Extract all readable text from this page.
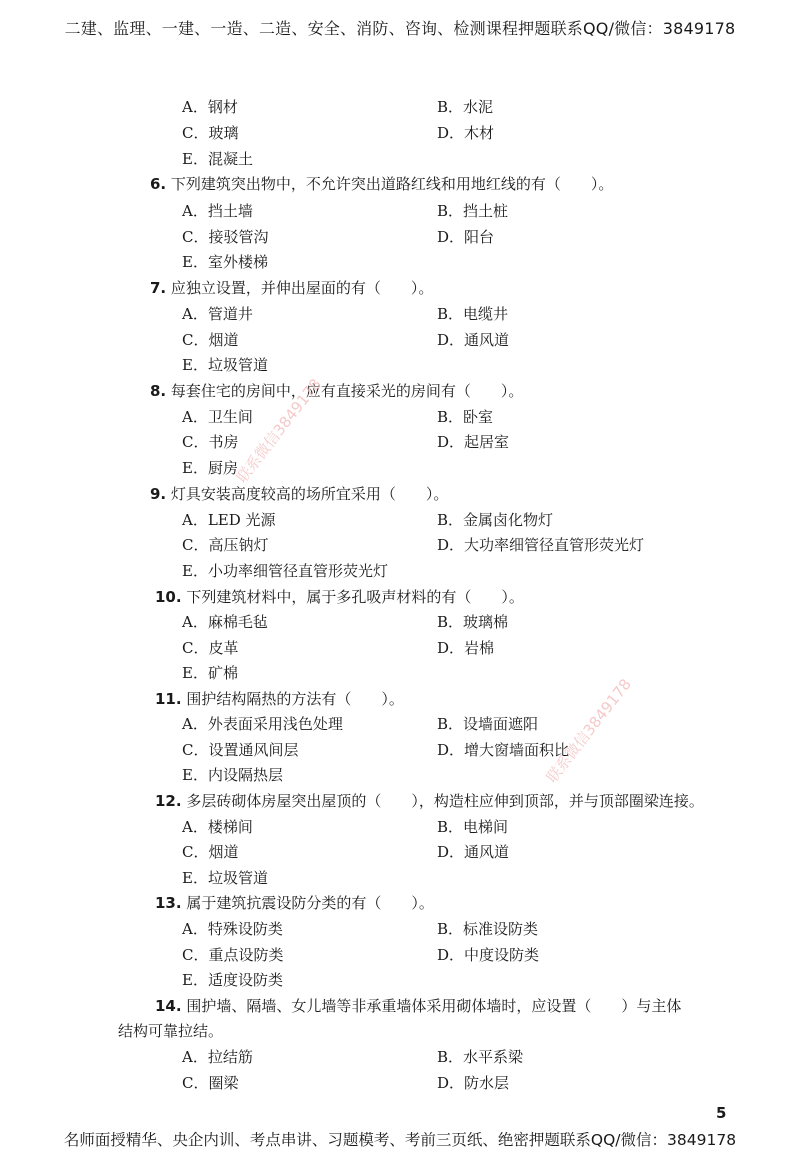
二建、监理、一建、一造、二造、安全、消防、咨询、检测课程押题联系QQ/微信：3849178
A．钢材	B．水泥
C．玻璃	D．木材
E．混凝土
6. 下列建筑突出物中，不允许突出道路红线和用地红线的有（　　）。
A．挡土墙	B．挡土桩
C．接驳管沟	D．阳台
E．室外楼梯
7. 应独立设置，并伸出屋面的有（　　）。
A．管道井	B．电缆井
C．烟道	D．通风道
E．垃圾管道
8. 每套住宅的房间中，应有直接采光的房间有（　　）。
A．卫生间	B．卧室
C．书房	D．起居室
E．厨房
9. 灯具安装高度较高的场所宜采用（　　）。
A．LED 光源	B．金属卤化物灯
C．高压钠灯	D．大功率细管径直管形荧光灯
E．小功率细管径直管形荧光灯
10. 下列建筑材料中，属于多孔吸声材料的有（　　）。
A．麻棉毛毡	B．玻璃棉
C．皮革	D．岩棉
E．矿棉
11. 围护结构隔热的方法有（　　）。
A．外表面采用浅色处理	B．设墙面遮阳
C．设置通风间层	D．增大窗墙面积比
E．内设隔热层
12. 多层砖砌体房屋突出屋顶的（　　），构造柱应伸到顶部，并与顶部圈梁连接。
A．楼梯间	B．电梯间
C．烟道	D．通风道
E．垃圾管道
13. 属于建筑抗震设防分类的有（　　）。
A．特殊设防类	B．标准设防类
C．重点设防类	D．中度设防类
E．适度设防类
14. 围护墙、隔墙、女儿墙等非承重墙体采用砌体墙时，应设置（　　）与主体
结构可靠拉结。
A．拉结筋	B．水平系梁
C．圈梁	D．防水层
联系微信3849178
联系微信3849178
5
名师面授精华、央企内训、考点串讲、习题模考、考前三页纸、绝密押题联系QQ/微信：3849178
